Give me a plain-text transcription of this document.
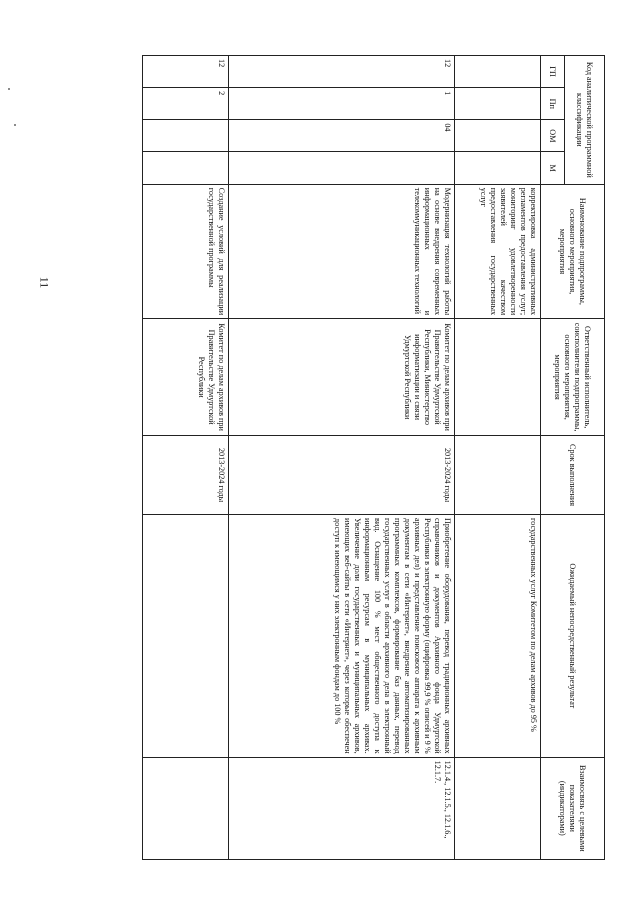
11
Код аналитической программной классификации				Наименование подпрограммы, основного мероприятия, мероприятия	Ответственный исполнитель, соисполнители подпрограммы, основного мероприятия, мероприятия	Срок выполнения	Ожидаемый непосредственный результат	Взаимосвязь с целевыми показателями (индикаторами)
ГП	Пп	ОМ	М					
				корректировка административных регламентов предоставления услуг; мониторинг удовлетворенности заявителей качеством предоставления государственных услуг			государственных услуг Комитетом по делам архивов до 95 %	
12	1	04		Модернизация технологий работы на основе внедрения современных информационных и телекоммуникационных технологий	Комитет по делам архивов при Правительстве Удмуртской Республики, Министерство информатизации и связи Удмуртской Республики	2013-2024 годы	Приобретение оборудования, перевод традиционных архивных справочников и документов Архивного фонда Удмуртской Республики в электронную форму (оцифровка 99,9 % описей и 9 % архивных дел) и представление поискового аппарата к архивным документам в сети «Интернет», внедрение автоматизированных программных комплексов, формирование баз данных, перевод государственных услуг в области архивного дела в электронный вид. Оснащение 100 % мест общественного доступа к информационным ресурсам в муниципальных архивах. Увеличение доли государственных и муниципальных архивов, имеющих веб-сайты в сети «Интернет», через которые обеспечен доступ к имеющимся у них электронным фондам до 100 %	12.1.4., 12.1.5., 12.1.6., 12.1.7.
12	2			Создание условий для реализации государственной программы	Комитет по делам архивов при Правительстве Удмуртской Республики	2013-2024 годы		
